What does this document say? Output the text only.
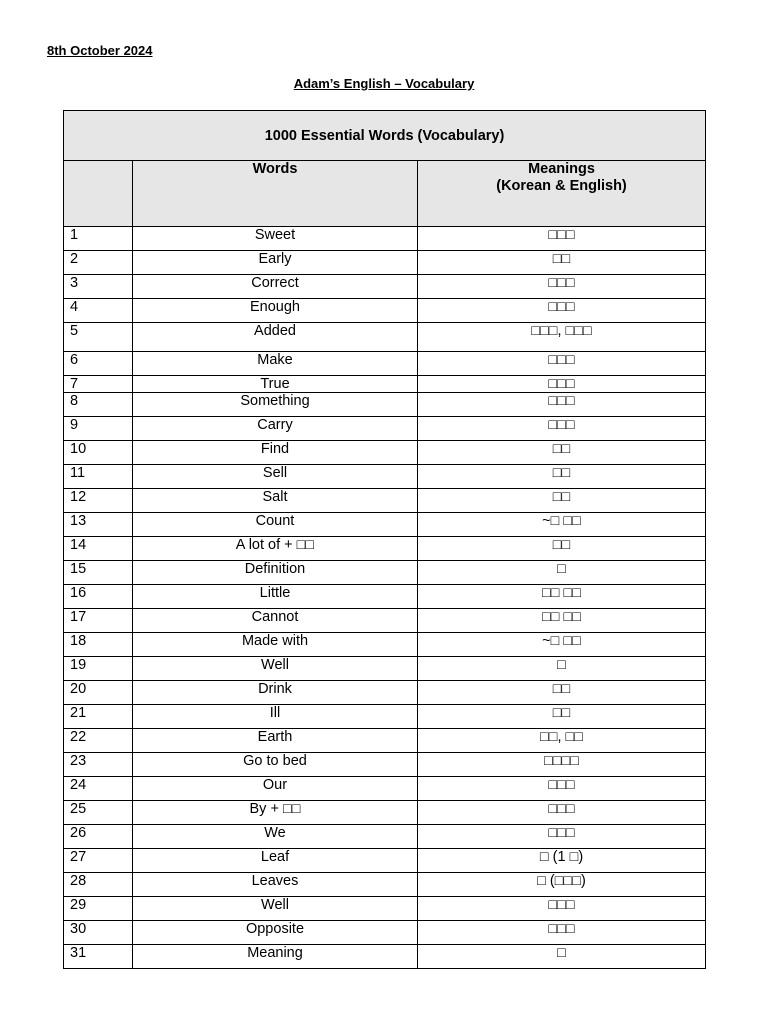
8th October 2024
Adam’s English – Vocabulary
1000 Essential Words (Vocabulary)		
	Words	Meanings
(Korean & English)

1	Sweet	□□□
2	Early	□□
3	Correct	□□□
4	Enough	□□□
5	Added	□□□, □□□
6	Make	□□□
7	True	□□□
8	Something	□□□
9	Carry	□□□
10	Find	□□
11	Sell	□□
12	Salt	□□
13	Count	~□ □□
14	A lot of + □□	□□
15	Definition	□
16	Little	□□ □□
17	Cannot	□□ □□
18	Made with	~□ □□
19	Well	□
20	Drink	□□
21	Ill	□□
22	Earth	□□, □□
23	Go to bed	□□□□
24	Our	□□□
25	By + □□	□□□
26	We	□□□
27	Leaf	□ (1 □)
28	Leaves	□ (□□□)
29	Well	□□□
30	Opposite	□□□
31	Meaning	□
